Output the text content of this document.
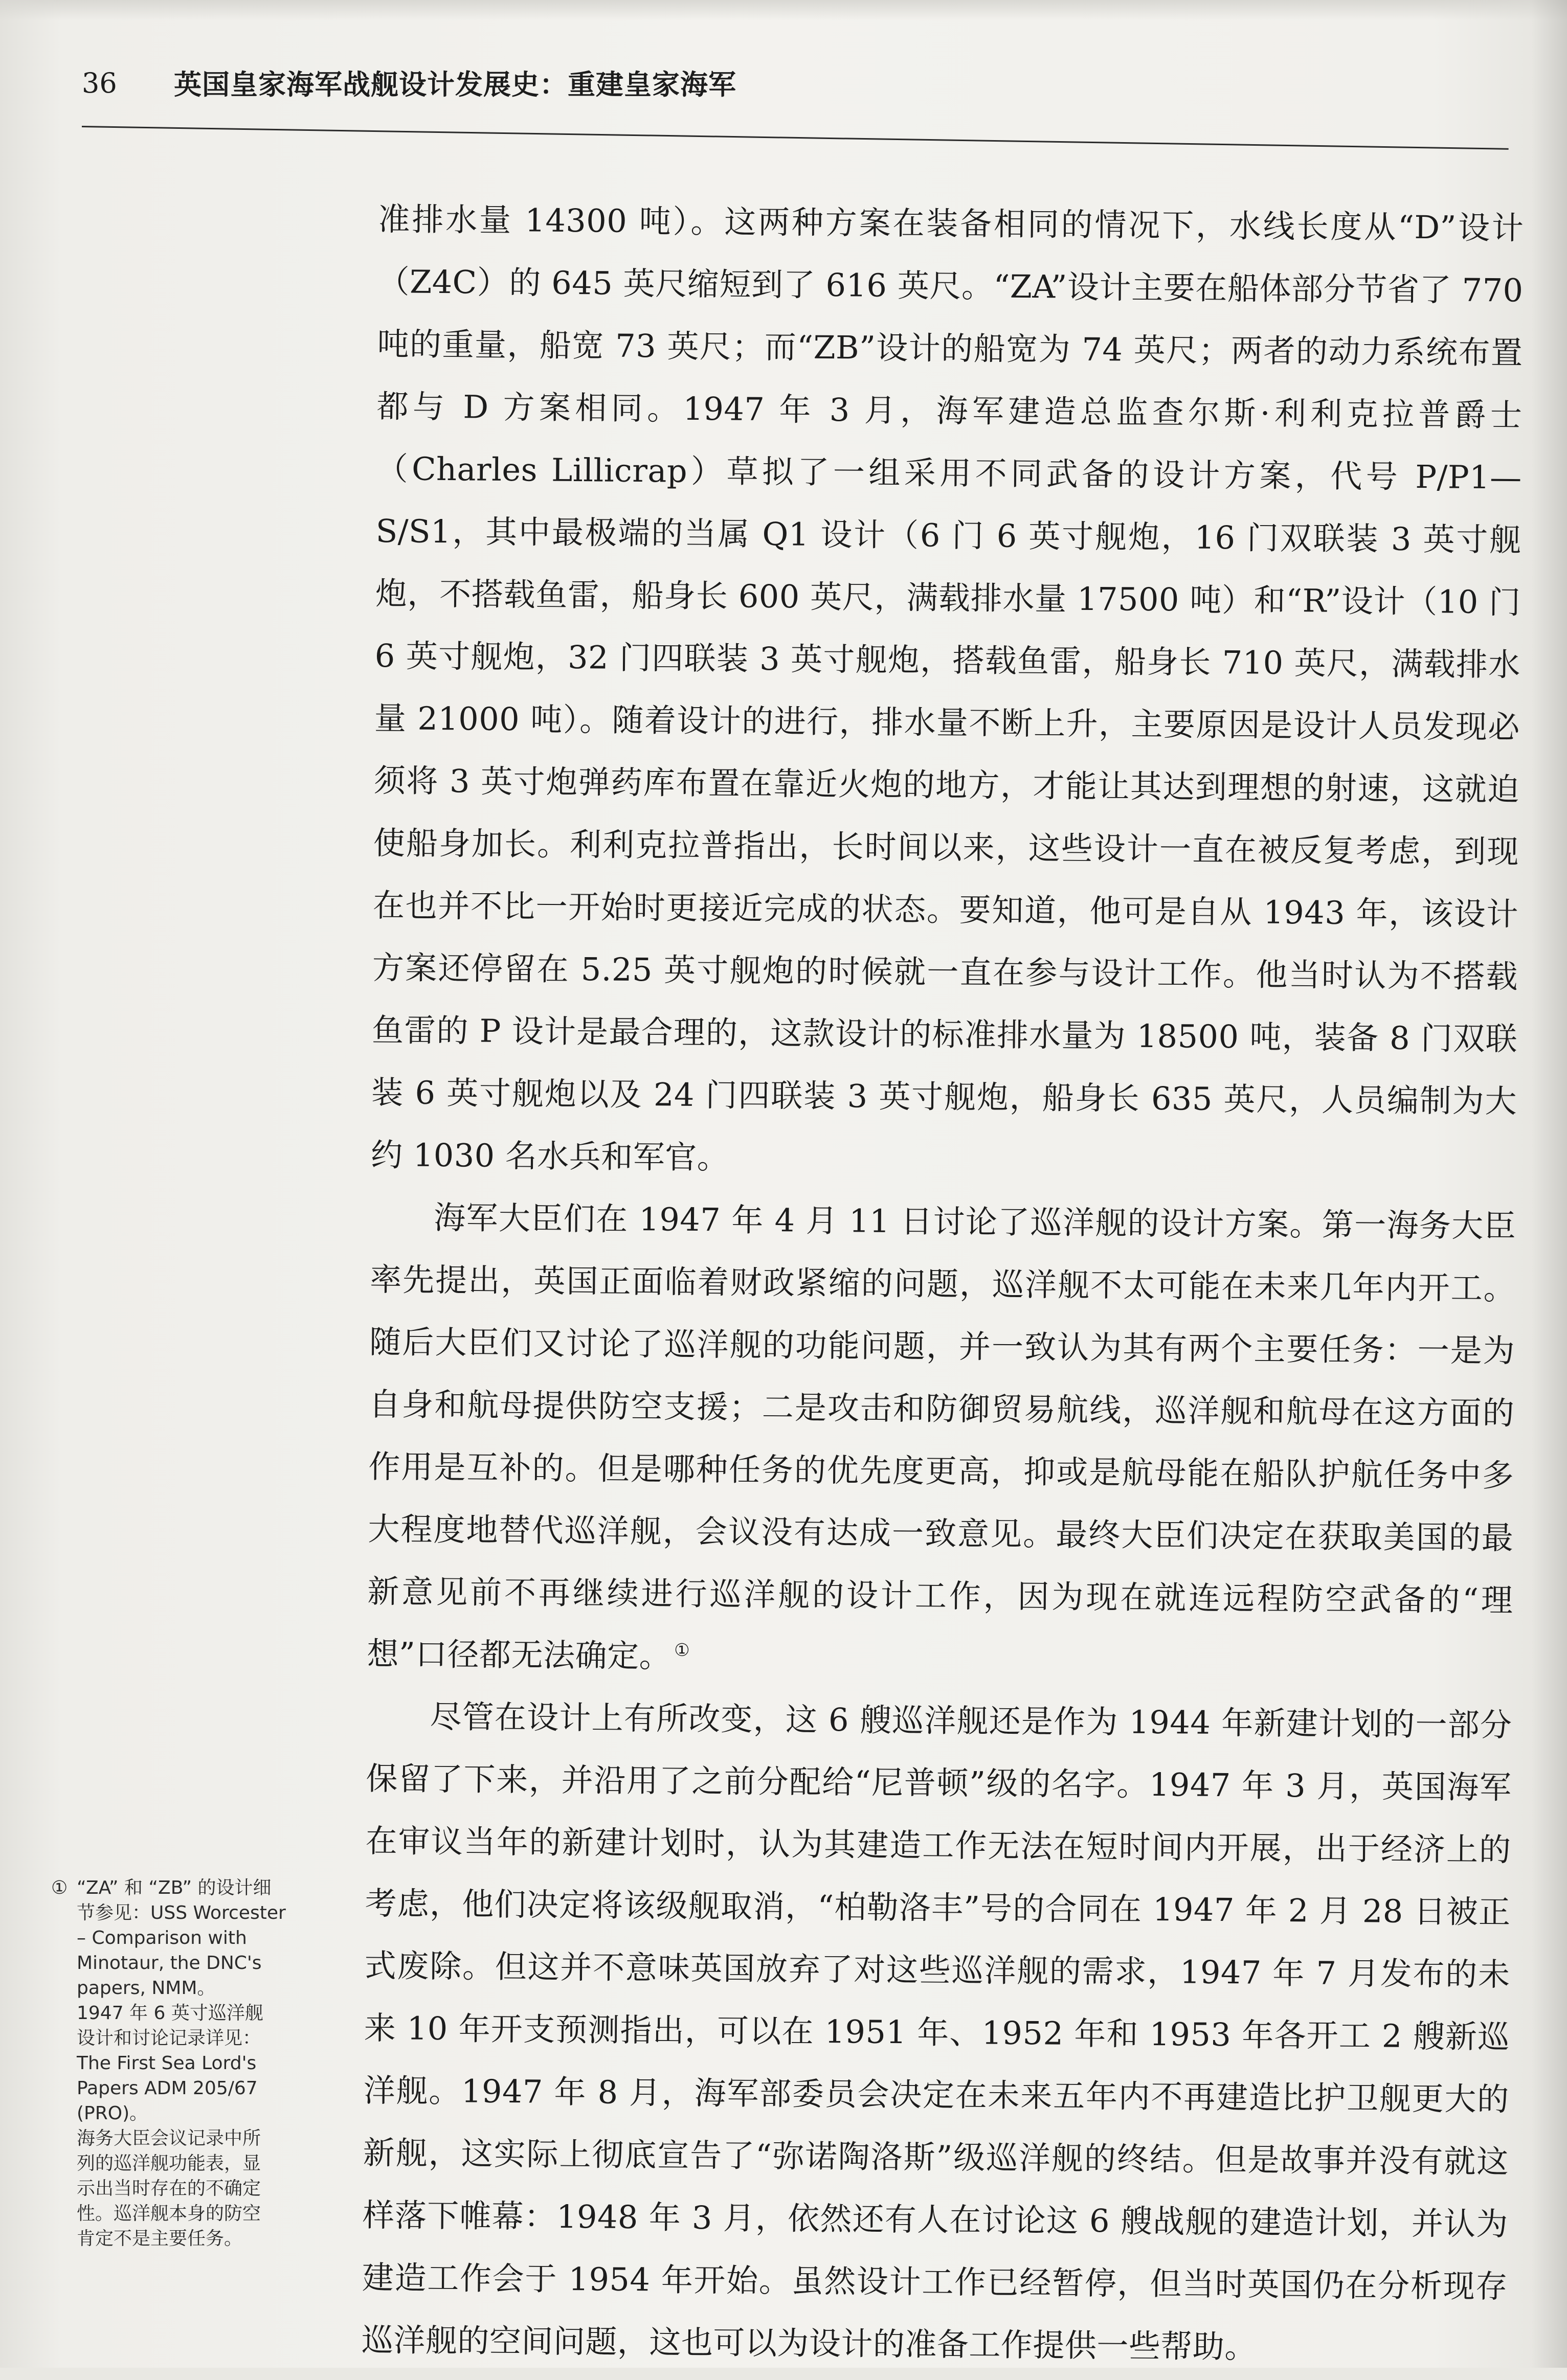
36 英国皇家海军战舰设计发展史：重建皇家海军

准排水量 14300 吨）。这两种方案在装备相同的情况下，水线长度从“D”设计（Z4C）的 645 英尺缩短到了 616 英尺。“ZA”设计主要在船体部分节省了 770 吨的重量，船宽 73 英尺；而“ZB”设计的船宽为 74 英尺；两者的动力系统布置都与 D 方案相同。1947 年 3 月，海军建造总监查尔斯·利利克拉普爵士（Charles Lillicrap）草拟了一组采用不同武备的设计方案，代号 P/P1—S/S1，其中最极端的当属 Q1 设计（6 门 6 英寸舰炮，16 门双联装 3 英寸舰炮，不搭载鱼雷，船身长 600 英尺，满载排水量 17500 吨）和“R”设计（10 门 6 英寸舰炮，32 门四联装 3 英寸舰炮，搭载鱼雷，船身长 710 英尺，满载排水量 21000 吨）。随着设计的进行，排水量不断上升，主要原因是设计人员发现必须将 3 英寸炮弹药库布置在靠近火炮的地方，才能让其达到理想的射速，这就迫使船身加长。利利克拉普指出，长时间以来，这些设计一直在被反复考虑，到现在也并不比一开始时更接近完成的状态。要知道，他可是自从 1943 年，该设计方案还停留在 5.25 英寸舰炮的时候就一直在参与设计工作。他当时认为不搭载鱼雷的 P 设计是最合理的，这款设计的标准排水量为 18500 吨，装备 8 门双联装 6 英寸舰炮以及 24 门四联装 3 英寸舰炮，船身长 635 英尺，人员编制为大约 1030 名水兵和军官。

海军大臣们在 1947 年 4 月 11 日讨论了巡洋舰的设计方案。第一海务大臣率先提出，英国正面临着财政紧缩的问题，巡洋舰不太可能在未来几年内开工。随后大臣们又讨论了巡洋舰的功能问题，并一致认为其有两个主要任务：一是为自身和航母提供防空支援；二是攻击和防御贸易航线，巡洋舰和航母在这方面的作用是互补的。但是哪种任务的优先度更高，抑或是航母能在船队护航任务中多大程度地替代巡洋舰，会议没有达成一致意见。最终大臣们决定在获取美国的最新意见前不再继续进行巡洋舰的设计工作，因为现在就连远程防空武备的“理想”口径都无法确定。 ①

尽管在设计上有所改变，这 6 艘巡洋舰还是作为 1944 年新建计划的一部分保留了下来，并沿用了之前分配给“尼普顿”级的名字。1947 年 3 月，英国海军在审议当年的新建计划时，认为其建造工作无法在短时间内开展，出于经济上的考虑，他们决定将该级舰取消，“柏勒洛丰”号的合同在 1947 年 2 月 28 日被正式废除。但这并不意味英国放弃了对这些巡洋舰的需求，1947 年 7 月发布的未来 10 年开支预测指出，可以在 1951 年、1952 年和 1953 年各开工 2 艘新巡洋舰。1947 年 8 月，海军部委员会决定在未来五年内不再建造比护卫舰更大的新舰，这实际上彻底宣告了“弥诺陶洛斯”级巡洋舰的终结。但是故事并没有就这样落下帷幕：1948 年 3 月，依然还有人在讨论这 6 艘战舰的建造计划，并认为建造工作会于 1954 年开始。虽然设计工作已经暂停，但当时英国仍在分析现存巡洋舰的空间问题，这也可以为设计的准备工作提供一些帮助。

① “ZA” 和 “ZB” 的设计细
节参见：USS Worcester
– Comparison with
Minotaur, the DNC's
papers, NMM。
1947 年 6 英寸巡洋舰
设计和讨论记录详见：
The First Sea Lord's
Papers ADM 205/67
(PRO)。
海务大臣会议记录中所
列的巡洋舰功能表，显
示出当时存在的不确定
性。巡洋舰本身的防空
肯定不是主要任务。
